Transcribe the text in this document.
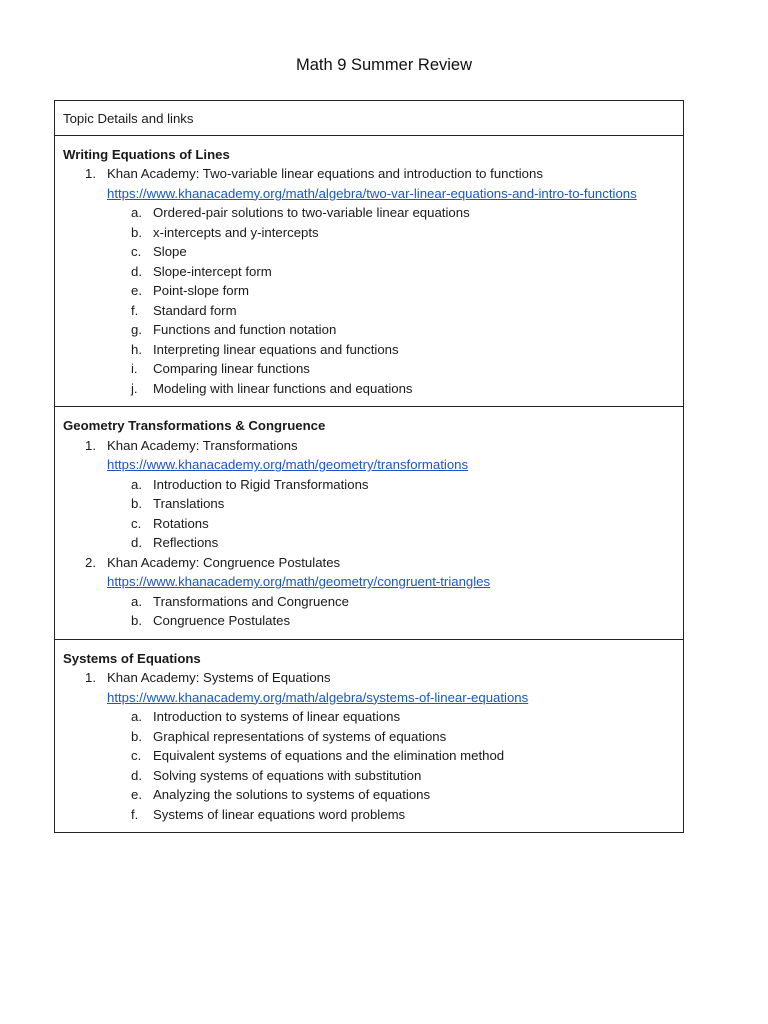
Math 9 Summer Review
Topic Details and links
Writing Equations of Lines
1. Khan Academy: Two-variable linear equations and introduction to functions
https://www.khanacademy.org/math/algebra/two-var-linear-equations-and-intro-to-functions
a. Ordered-pair solutions to two-variable linear equations
b. x-intercepts and y-intercepts
c. Slope
d. Slope-intercept form
e. Point-slope form
f. Standard form
g. Functions and function notation
h. Interpreting linear equations and functions
i. Comparing linear functions
j. Modeling with linear functions and equations
Geometry Transformations & Congruence
1. Khan Academy: Transformations
https://www.khanacademy.org/math/geometry/transformations
a. Introduction to Rigid Transformations
b. Translations
c. Rotations
d. Reflections
2. Khan Academy: Congruence Postulates
https://www.khanacademy.org/math/geometry/congruent-triangles
a. Transformations and Congruence
b. Congruence Postulates
Systems of Equations
1. Khan Academy: Systems of Equations
https://www.khanacademy.org/math/algebra/systems-of-linear-equations
a. Introduction to systems of linear equations
b. Graphical representations of systems of equations
c. Equivalent systems of equations and the elimination method
d. Solving systems of equations with substitution
e. Analyzing the solutions to systems of equations
f. Systems of linear equations word problems
